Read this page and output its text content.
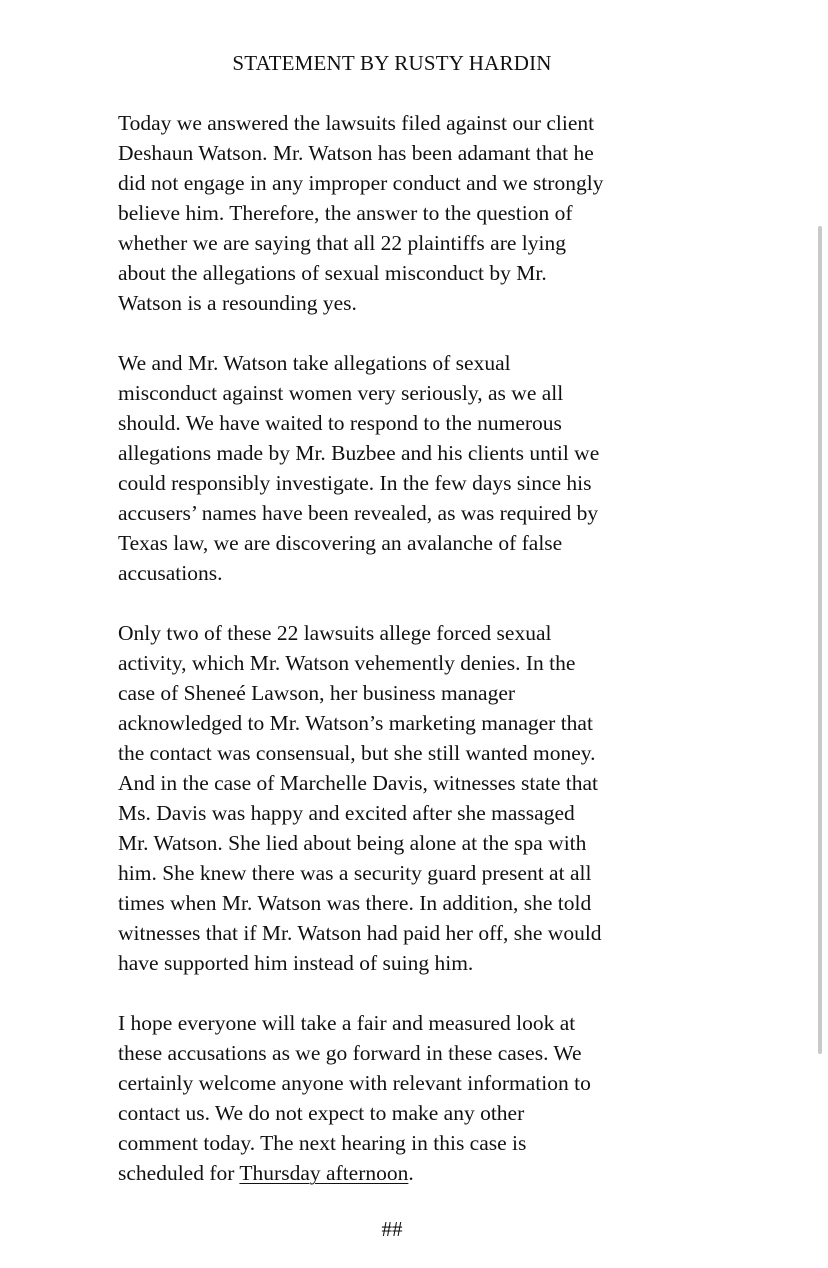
STATEMENT BY RUSTY HARDIN

Today we answered the lawsuits filed against our client
Deshaun Watson. Mr. Watson has been adamant that he
did not engage in any improper conduct and we strongly
believe him. Therefore, the answer to the question of
whether we are saying that all 22 plaintiffs are lying
about the allegations of sexual misconduct by Mr.
Watson is a resounding yes.

We and Mr. Watson take allegations of sexual
misconduct against women very seriously, as we all
should. We have waited to respond to the numerous
allegations made by Mr. Buzbee and his clients until we
could responsibly investigate. In the few days since his
accusers’ names have been revealed, as was required by
Texas law, we are discovering an avalanche of false
accusations.

Only two of these 22 lawsuits allege forced sexual
activity, which Mr. Watson vehemently denies. In the
case of Sheneé Lawson, her business manager
acknowledged to Mr. Watson’s marketing manager that
the contact was consensual, but she still wanted money.
And in the case of Marchelle Davis, witnesses state that
Ms. Davis was happy and excited after she massaged
Mr. Watson. She lied about being alone at the spa with
him. She knew there was a security guard present at all
times when Mr. Watson was there. In addition, she told
witnesses that if Mr. Watson had paid her off, she would
have supported him instead of suing him.

I hope everyone will take a fair and measured look at
these accusations as we go forward in these cases. We
certainly welcome anyone with relevant information to
contact us. We do not expect to make any other
comment today. The next hearing in this case is
scheduled for Thursday afternoon.

##
